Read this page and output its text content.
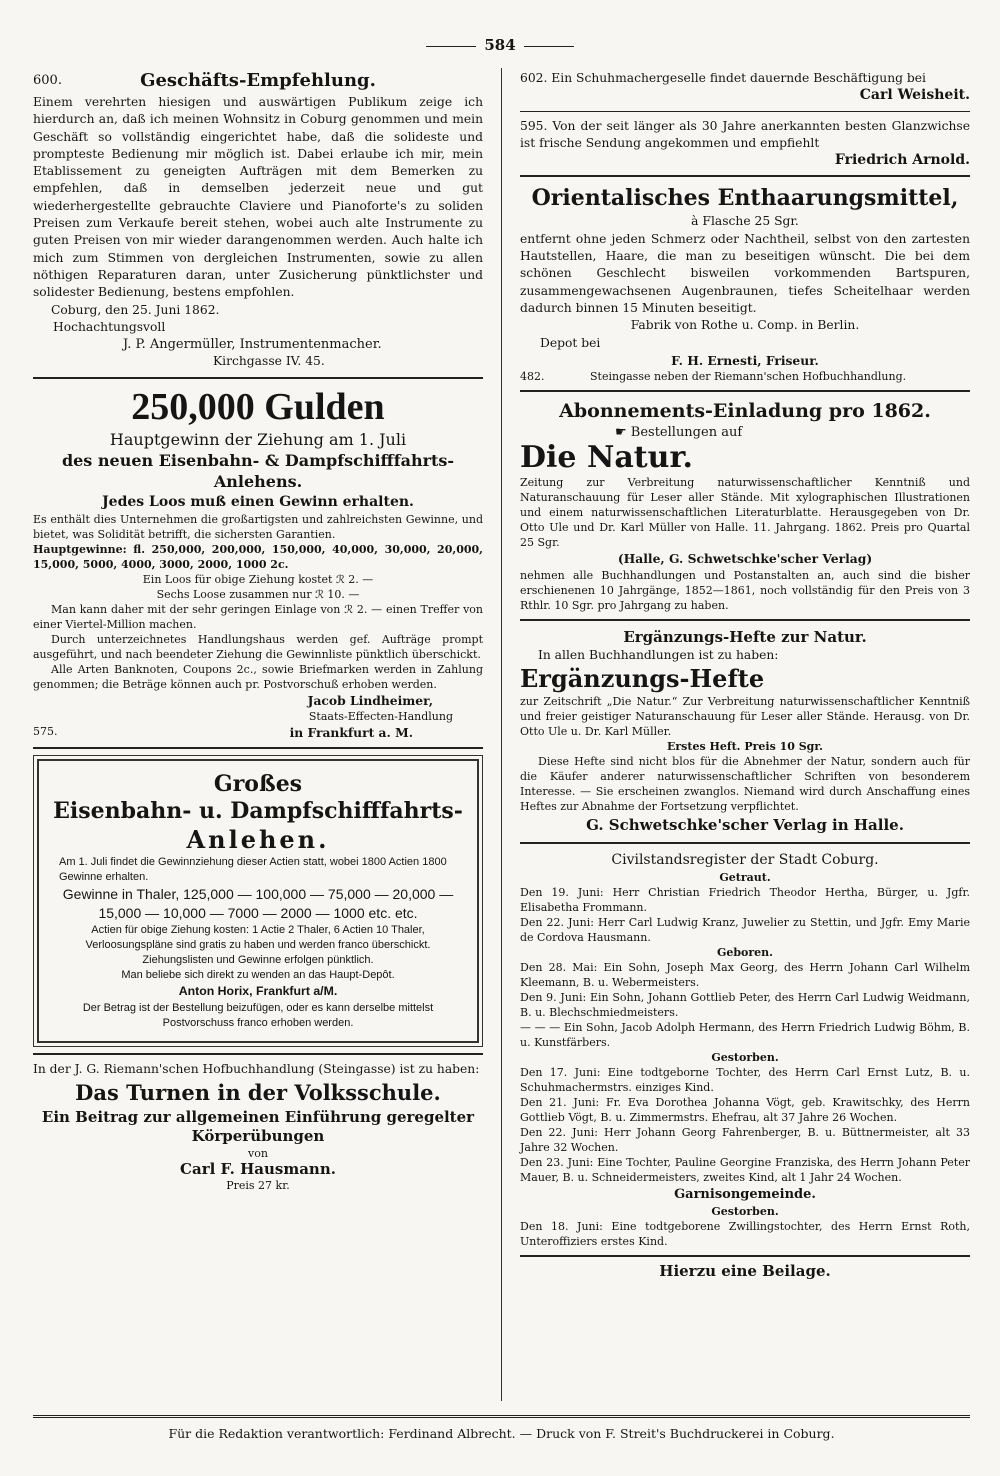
584
600.	Geschäfts-Empfehlung.

Einem verehrten hiesigen und auswärtigen Publikum zeige ich hierdurch an, daß ich meinen Wohnsitz in Coburg genommen und mein Geschäft so vollständig eingerichtet habe, daß die solideste und prompteste Bedienung mir möglich ist. Dabei erlaube ich mir, mein Etablissement zu geneigten Aufträgen mit dem Bemerken zu empfehlen, daß in demselben jederzeit neue und gut wiederhergestellte gebrauchte Claviere und Pianoforte's zu soliden Preisen zum Verkaufe bereit stehen, wobei auch alte Instrumente zu guten Preisen von mir wieder darangenommen werden. Auch halte ich mich zum Stimmen von dergleichen Instrumenten, sowie zu allen nöthigen Reparaturen daran, unter Zusicherung pünktlichster und solidester Bedienung, bestens empfohlen.

Coburg, den 25. Juni 1862.

Hochachtungsvoll

J. P. Angermüller, Instrumentenmacher.

Kirchgasse IV. 45.

250,000 Gulden
Hauptgewinn der Ziehung am 1. Juli
des neuen Eisenbahn- & Dampfschifffahrts-
Anlehens.
Jedes Loos muß einen Gewinn erhalten.

Es enthält dies Unternehmen die großartigsten und zahlreichsten Gewinne, und bietet, was Solidität betrifft, die sichersten Garantien.

Hauptgewinne: fl. 250,000, 200,000, 150,000, 40,000, 30,000, 20,000, 15,000, 5000, 4000, 3000, 2000, 1000 2c.

Ein Loos für obige Ziehung kostet ℛ 2. —

Sechs Loose zusammen nur ℛ 10. —

Man kann daher mit der sehr geringen Einlage von ℛ 2. — einen Treffer von einer Viertel-Million machen.

Durch unterzeichnetes Handlungshaus werden gef. Aufträge prompt ausgeführt, und nach beendeter Ziehung die Gewinnliste pünktlich überschickt.

Alle Arten Banknoten, Coupons 2c., sowie Briefmarken werden in Zahlung genommen; die Beträge können auch pr. Postvorschuß erhoben werden.

Jacob Lindheimer,

Staats-Effecten-Handlung

575.	in Frankfurt a. M.

Großes
Eisenbahn- u. Dampfschifffahrts-
Anlehen.

Am 1. Juli findet die Gewinnziehung dieser Actien statt, wobei 1800 Actien 1800 Gewinne erhalten.

Gewinne in Thaler, 125,000 — 100,000 — 75,000 — 20,000 — 15,000 — 10,000 — 7000 — 2000 — 1000 etc. etc.

Actien für obige Ziehung kosten: 1 Actie 2 Thaler, 6 Actien 10 Thaler, Verloosungspläne sind gratis zu haben und werden franco überschickt. Ziehungslisten und Gewinne erfolgen pünktlich.

Man beliebe sich direkt zu wenden an das Haupt-Depôt.

Anton Horix, Frankfurt a/M.

Der Betrag ist der Bestellung beizufügen, oder es kann derselbe mittelst Postvorschuss franco erhoben werden.

In der J. G. Riemann'schen Hofbuchhandlung (Steingasse) ist zu haben:

Das Turnen in der Volksschule.
Ein Beitrag zur allgemeinen Einführung geregelter Körperübungen
von
Carl F. Hausmann.
Preis 27 kr.

602. Ein Schuhmachergeselle findet dauernde Beschäftigung bei

Carl Weisheit.

595. Von der seit länger als 30 Jahre anerkannten besten Glanzwichse ist frische Sendung angekommen und empfiehlt

Friedrich Arnold.

Orientalisches Enthaarungsmittel,
à Flasche 25 Sgr.

entfernt ohne jeden Schmerz oder Nachtheil, selbst von den zartesten Hautstellen, Haare, die man zu beseitigen wünscht. Die bei dem schönen Geschlecht bisweilen vorkommenden Bartspuren, zusammengewachsenen Augenbraunen, tiefes Scheitelhaar werden dadurch binnen 15 Minuten beseitigt.

Fabrik von Rothe u. Comp. in Berlin.

Depot bei

F. H. Ernesti, Friseur.

482.	Steingasse neben der Riemann'schen Hofbuchhandlung.

Abonnements-Einladung pro 1862.
☛ Bestellungen auf
Die Natur.

Zeitung zur Verbreitung naturwissenschaftlicher Kenntniß und Naturanschauung für Leser aller Stände. Mit xylographischen Illustrationen und einem naturwissenschaftlichen Literaturblatte. Herausgegeben von Dr. Otto Ule und Dr. Karl Müller von Halle. 11. Jahrgang. 1862. Preis pro Quartal 25 Sgr.

(Halle, G. Schwetschke'scher Verlag)

nehmen alle Buchhandlungen und Postanstalten an, auch sind die bisher erschienenen 10 Jahrgänge, 1852—1861, noch vollständig für den Preis von 3 Rthlr. 10 Sgr. pro Jahrgang zu haben.

Ergänzungs-Hefte zur Natur.

In allen Buchhandlungen ist zu haben:

Ergänzungs-Hefte

zur Zeitschrift „Die Natur.“ Zur Verbreitung naturwissenschaftlicher Kenntniß und freier geistiger Naturanschauung für Leser aller Stände. Herausg. von Dr. Otto Ule u. Dr. Karl Müller.

Erstes Heft. Preis 10 Sgr.

Diese Hefte sind nicht blos für die Abnehmer der Natur, sondern auch für die Käufer anderer naturwissenschaftlicher Schriften von besonderem Interesse. — Sie erscheinen zwanglos. Niemand wird durch Anschaffung eines Heftes zur Abnahme der Fortsetzung verpflichtet.

G. Schwetschke'scher Verlag in Halle.

Civilstandsregister der Stadt Coburg.
Getraut.

Den 19. Juni: Herr Christian Friedrich Theodor Hertha, Bürger, u. Jgfr. Elisabetha Frommann.

Den 22. Juni: Herr Carl Ludwig Kranz, Juwelier zu Stettin, und Jgfr. Emy Marie de Cordova Hausmann.

Geboren.

Den 28. Mai: Ein Sohn, Joseph Max Georg, des Herrn Johann Carl Wilhelm Kleemann, B. u. Webermeisters.

Den 9. Juni: Ein Sohn, Johann Gottlieb Peter, des Herrn Carl Ludwig Weidmann, B. u. Blechschmiedmeisters.

— — — Ein Sohn, Jacob Adolph Hermann, des Herrn Friedrich Ludwig Böhm, B. u. Kunstfärbers.

Gestorben.

Den 17. Juni: Eine todtgeborne Tochter, des Herrn Carl Ernst Lutz, B. u. Schuhmachermstrs. einziges Kind.

Den 21. Juni: Fr. Eva Dorothea Johanna Vögt, geb. Krawitschky, des Herrn Gottlieb Vögt, B. u. Zimmermstrs. Ehefrau, alt 37 Jahre 26 Wochen.

Den 22. Juni: Herr Johann Georg Fahrenberger, B. u. Büttnermeister, alt 33 Jahre 32 Wochen.

Den 23. Juni: Eine Tochter, Pauline Georgine Franziska, des Herrn Johann Peter Mauer, B. u. Schneidermeisters, zweites Kind, alt 1 Jahr 24 Wochen.

Garnisongemeinde.
Gestorben.

Den 18. Juni: Eine todtgeborene Zwillingstochter, des Herrn Ernst Roth, Unteroffiziers erstes Kind.

Hierzu eine Beilage.
Für die Redaktion verantwortlich: Ferdinand Albrecht. — Druck von F. Streit's Buchdruckerei in Coburg.
